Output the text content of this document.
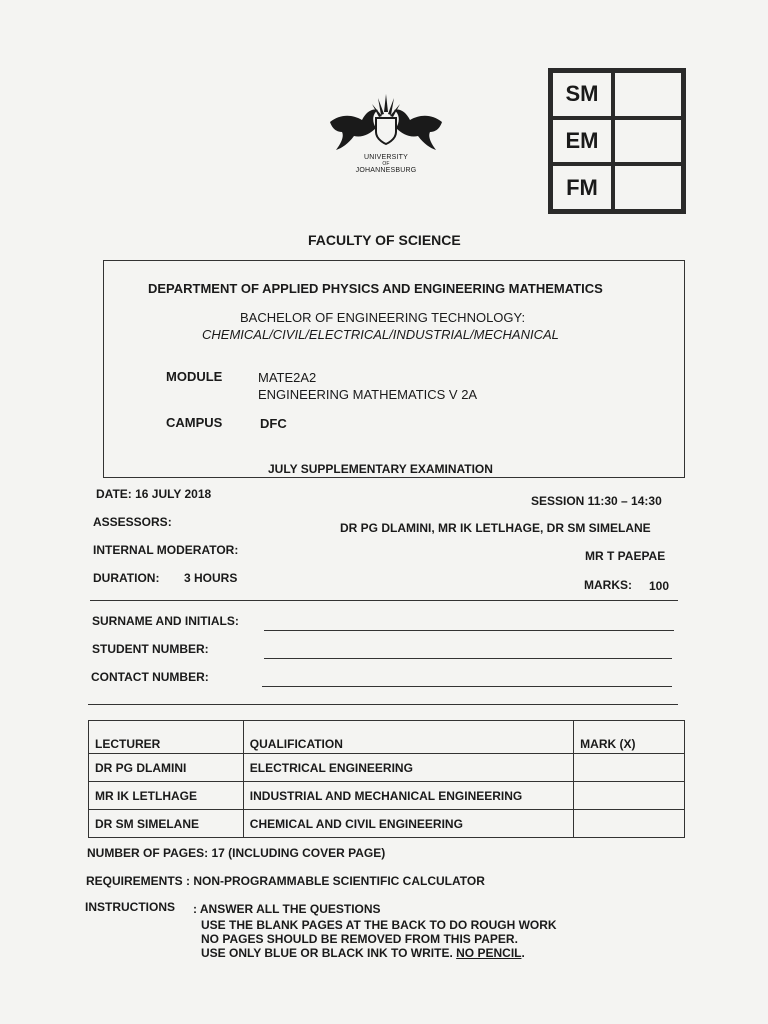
UNIVERSITY
OF
JOHANNESBURG
SM
EM
FM
FACULTY OF SCIENCE
DEPARTMENT OF APPLIED PHYSICS AND ENGINEERING MATHEMATICS
BACHELOR OF ENGINEERING TECHNOLOGY:
CHEMICAL/CIVIL/ELECTRICAL/INDUSTRIAL/MECHANICAL
MODULE	MATE2A2
ENGINEERING MATHEMATICS V 2A
CAMPUS	DFC
JULY SUPPLEMENTARY EXAMINATION
DATE: 16 JULY 2018	SESSION 11:30 – 14:30
ASSESSORS:	DR PG DLAMINI, MR IK LETLHAGE, DR SM SIMELANE
INTERNAL MODERATOR:	MR T PAEPAE
DURATION: 3 HOURS	MARKS: 100
SURNAME AND INITIALS:
STUDENT NUMBER:
CONTACT NUMBER:
LECTURER	QUALIFICATION	MARK (X)
DR PG DLAMINI	ELECTRICAL ENGINEERING	
MR IK LETLHAGE	INDUSTRIAL AND MECHANICAL ENGINEERING	
DR SM SIMELANE	CHEMICAL AND CIVIL ENGINEERING	
NUMBER OF PAGES: 17 (INCLUDING COVER PAGE)
REQUIREMENTS : NON-PROGRAMMABLE SCIENTIFIC CALCULATOR
INSTRUCTIONS : ANSWER ALL THE QUESTIONS
USE THE BLANK PAGES AT THE BACK TO DO ROUGH WORK
NO PAGES SHOULD BE REMOVED FROM THIS PAPER.
USE ONLY BLUE OR BLACK INK TO WRITE. NO PENCIL.
